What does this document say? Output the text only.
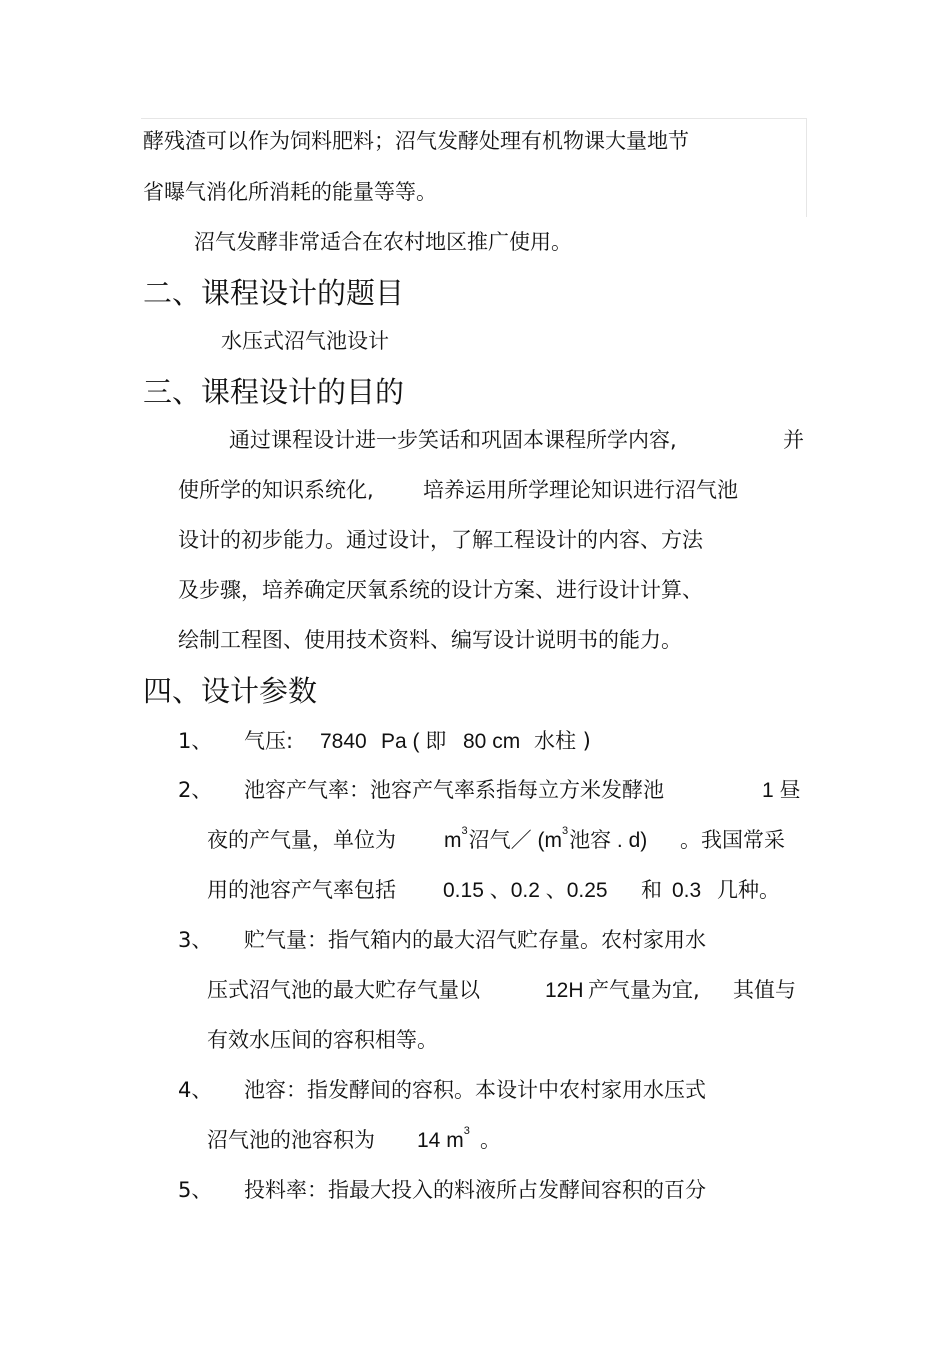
酵残渣可以作为饲料肥料；沼气发酵处理有机物课大量地节
省曝气消化所消耗的能量等等。
沼气发酵非常适合在农村地区推广使用。
二、课程设计的题目
水压式沼气池设计
三、课程设计的目的
通过课程设计进一步笑话和巩固本课程所学内容,	并
使所学的知识系统化, 培养运用所学理论知识进行沼气池
设计的初步能力。通过设计，了解工程设计的内容、方法
及步骤，培养确定厌氧系统的设计方案、进行设计计算、
绘制工程图、使用技术资料、编写设计说明书的能力。
四、设计参数
1、 气压: 7840 Pa ( 即 80 cm 水柱 )
2、 池容产气率：池容产气率系指每立方米发酵池	1 昼
夜的产气量，单位为 $m^3$沼气／ ($m^3$池容 . d) 。我国常采
用的池容产气率包括 0.15 、0.2 、0.25 和 0.3 几种。
3、 贮气量：指气箱内的最大沼气贮存量。农村家用水
压式沼气池的最大贮存气量以	12H 产气量为宜, 其值与
有效水压间的容积相等。
4、 池容：指发酵间的容积。本设计中农村家用水压式
沼气池的池容积为 14 $m^3$ 。
5、 投料率：指最大投入的料液所占发酵间容积的百分
